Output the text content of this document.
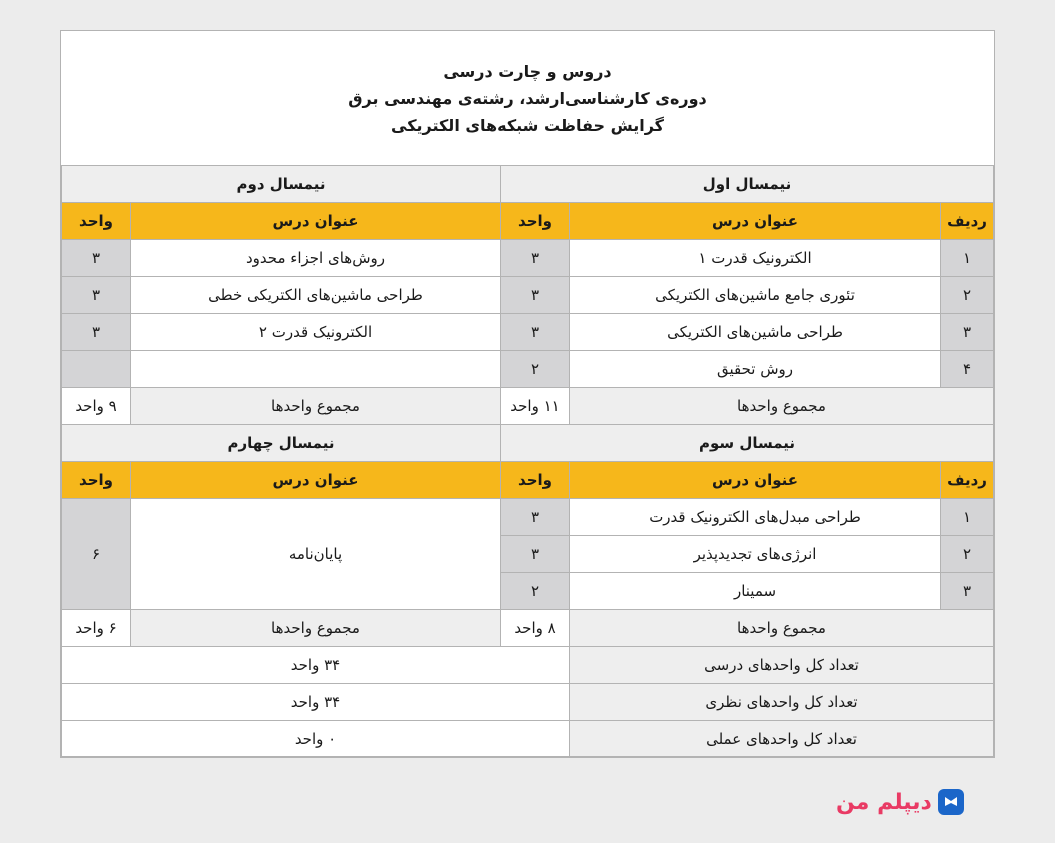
دروس و چارت درسی
دوره‌ی کارشناسی‌ارشد، رشته‌ی مهندسی برق
گرایش حفاظت شبکه‌های الکتریکی
نیمسال اول
نیمسال دوم
ردیف
عنوان درس
واحد
عنوان درس
واحد
۱
الکترونیک قدرت ۱
۳
روش‌های اجزاء محدود
۳
۲
تئوری جامع ماشین‌های الکتریکی
۳
طراحی ماشین‌های الکتریکی خطی
۳
۳
طراحی ماشین‌های الکتریکی
۳
الکترونیک قدرت ۲
۳
۴
روش تحقیق
۲
مجموع واحدها
۱۱ واحد
مجموع واحدها
۹ واحد
نیمسال سوم
نیمسال چهارم
ردیف
عنوان درس
واحد
عنوان درس
واحد
۱
طراحی مبدل‌های الکترونیک قدرت
۳
۲
انرژی‌های تجدیدپذیر
۳
۳
سمینار
۲
پایان‌نامه
۶
مجموع واحدها
۸ واحد
مجموع واحدها
۶ واحد
تعداد کل واحدهای درسی
۳۴ واحد
تعداد کل واحدهای نظری
۳۴ واحد
تعداد کل واحدهای عملی
۰ واحد
دیپلم من
